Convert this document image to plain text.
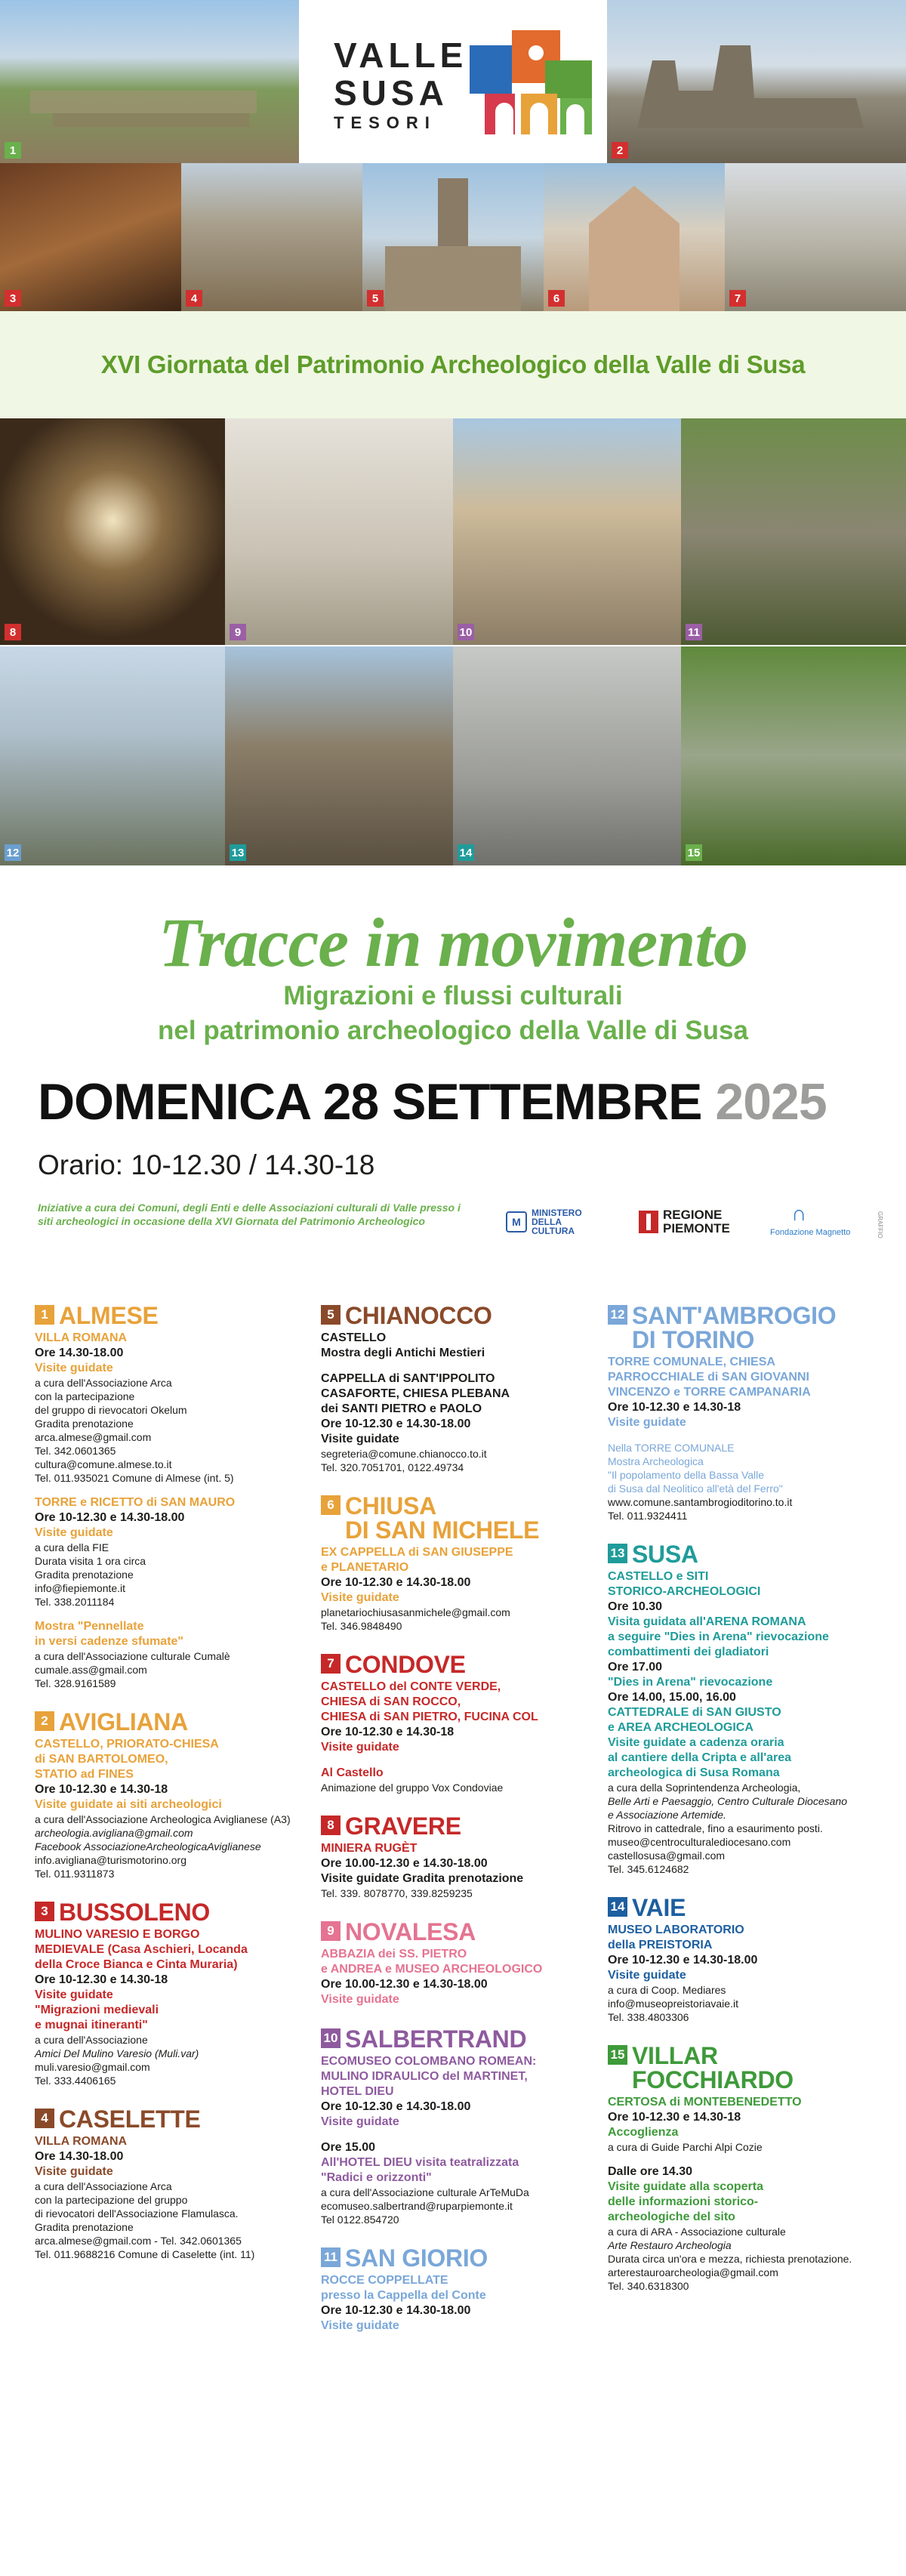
1
VALLE
SUSA
TESORI
2
3	4	5	6	7
XVI Giornata del Patrimonio Archeologico della Valle di Susa
8	9	10	11
12	13	14	15
Tracce in movimento
Migrazioni e flussi culturali
nel patrimonio archeologico della Valle di Susa
DOMENICA 28 SETTEMBRE 2025
Orario: 10-12.30 / 14.30-18
Iniziative a cura dei Comuni, degli Enti e delle Associazioni culturali di Valle presso i siti archeologici in occasione della XVI Giornata del Patrimonio Archeologico	M
MINISTERO DELLA CULTURA
REGIONE PIEMONTE
∩
Fondazione Magnetto	GRAFFIO
1 ALMESE
VILLA ROMANA
Ore 14.30-18.00
Visite guidate
a cura dell'Associazione Arca
con la partecipazione
del gruppo di rievocatori Okelum
Gradita prenotazione
arca.almese@gmail.com
Tel. 342.0601365
cultura@comune.almese.to.it
Tel. 011.935021 Comune di Almese (int. 5)
TORRE e RICETTO di SAN MAURO
Ore 10-12.30 e 14.30-18.00
Visite guidate
a cura della FIE
Durata visita 1 ora circa
Gradita prenotazione
info@fiepiemonte.it
Tel. 338.2011184
Mostra "Pennellate
in versi cadenze sfumate"
a cura dell'Associazione culturale Cumalè
cumale.ass@gmail.com
Tel. 328.9161589
2 AVIGLIANA
CASTELLO, PRIORATO-CHIESA
di SAN BARTOLOMEO,
STATIO ad FINES
Ore 10-12.30 e 14.30-18
Visite guidate ai siti archeologici
a cura dell'Associazione Archeologica Aviglianese (A3)
archeologia.avigliana@gmail.com
Facebook AssociazioneArcheologicaAviglianese
info.avigliana@turismotorino.org
Tel. 011.9311873
3 BUSSOLENO
MULINO VARESIO E BORGO
MEDIEVALE (Casa Aschieri, Locanda
della Croce Bianca e Cinta Muraria)
Ore 10-12.30 e 14.30-18
Visite guidate
"Migrazioni medievali
e mugnai itineranti"
a cura dell'Associazione
Amici Del Mulino Varesio (Muli.var)
muli.varesio@gmail.com
Tel. 333.4406165
4 CASELETTE
VILLA ROMANA
Ore 14.30-18.00
Visite guidate
a cura dell'Associazione Arca
con la partecipazione del gruppo
di rievocatori dell'Associazione Flamulasca.
Gradita prenotazione
arca.almese@gmail.com - Tel. 342.0601365
Tel. 011.9688216 Comune di Caselette (int. 11)
5 CHIANOCCO
CASTELLO
Mostra degli Antichi Mestieri
CAPPELLA di SANT'IPPOLITO
CASAFORTE, CHIESA PLEBANA
dei SANTI PIETRO e PAOLO
Ore 10-12.30 e 14.30-18.00
Visite guidate
segreteria@comune.chianocco.to.it
Tel. 320.7051701, 0122.49734
6 CHIUSA
DI SAN MICHELE
EX CAPPELLA di SAN GIUSEPPE
e PLANETARIO
Ore 10-12.30 e 14.30-18.00
Visite guidate
planetariochiusasanmichele@gmail.com
Tel. 346.9848490
7 CONDOVE
CASTELLO del CONTE VERDE,
CHIESA di SAN ROCCO,
CHIESA di SAN PIETRO, FUCINA COL
Ore 10-12.30 e 14.30-18
Visite guidate
Al Castello
Animazione del gruppo Vox Condoviae
8 GRAVERE
MINIERA RUGÈT
Ore 10.00-12.30 e 14.30-18.00
Visite guidate Gradita prenotazione
Tel. 339. 8078770, 339.8259235
9 NOVALESA
ABBAZIA dei SS. PIETRO
e ANDREA e MUSEO ARCHEOLOGICO
Ore 10.00-12.30 e 14.30-18.00
Visite guidate
10 SALBERTRAND
ECOMUSEO COLOMBANO ROMEAN:
MULINO IDRAULICO del MARTINET,
HOTEL DIEU
Ore 10-12.30 e 14.30-18.00
Visite guidate
Ore 15.00
All'HOTEL DIEU visita teatralizzata
"Radici e orizzonti"
a cura dell'Associazione culturale ArTeMuDa
ecomuseo.salbertrand@ruparpiemonte.it
Tel 0122.854720
11 SAN GIORIO
ROCCE COPPELLATE
presso la Cappella del Conte
Ore 10-12.30 e 14.30-18.00
Visite guidate
12 SANT'AMBROGIO
DI TORINO
TORRE COMUNALE, CHIESA
PARROCCHIALE di SAN GIOVANNI
VINCENZO e TORRE CAMPANARIA
Ore 10-12.30 e 14.30-18
Visite guidate
Nella TORRE COMUNALE
Mostra Archeologica
"Il popolamento della Bassa Valle
di Susa dal Neolitico all'età del Ferro"
www.comune.santambrogioditorino.to.it
Tel. 011.9324411
13 SUSA
CASTELLO e SITI
STORICO-ARCHEOLOGICI
Ore 10.30
Visita guidata all'ARENA ROMANA
a seguire "Dies in Arena" rievocazione
combattimenti dei gladiatori
Ore 17.00
"Dies in Arena" rievocazione
Ore 14.00, 15.00, 16.00
CATTEDRALE di SAN GIUSTO
e AREA ARCHEOLOGICA
Visite guidate a cadenza oraria
al cantiere della Cripta e all'area
archeologica di Susa Romana
a cura della Soprintendenza Archeologia,
Belle Arti e Paesaggio, Centro Culturale Diocesano
e Associazione Artemide.
Ritrovo in cattedrale, fino a esaurimento posti.
museo@centroculturalediocesano.com
castellosusa@gmail.com
Tel. 345.6124682
14 VAIE
MUSEO LABORATORIO
della PREISTORIA
Ore 10-12.30 e 14.30-18.00
Visite guidate
a cura di Coop. Mediares
info@museopreistoriavaie.it
Tel. 338.4803306
15 VILLAR
FOCCHIARDO
CERTOSA di MONTEBENEDETTO
Ore 10-12.30 e 14.30-18
Accoglienza
a cura di Guide Parchi Alpi Cozie
Dalle ore 14.30
Visite guidate alla scoperta
delle informazioni storico-
archeologiche del sito
a cura di ARA - Associazione culturale
Arte Restauro Archeologia
Durata circa un'ora e mezza, richiesta prenotazione.
arterestauroarcheologia@gmail.com
Tel. 340.6318300
